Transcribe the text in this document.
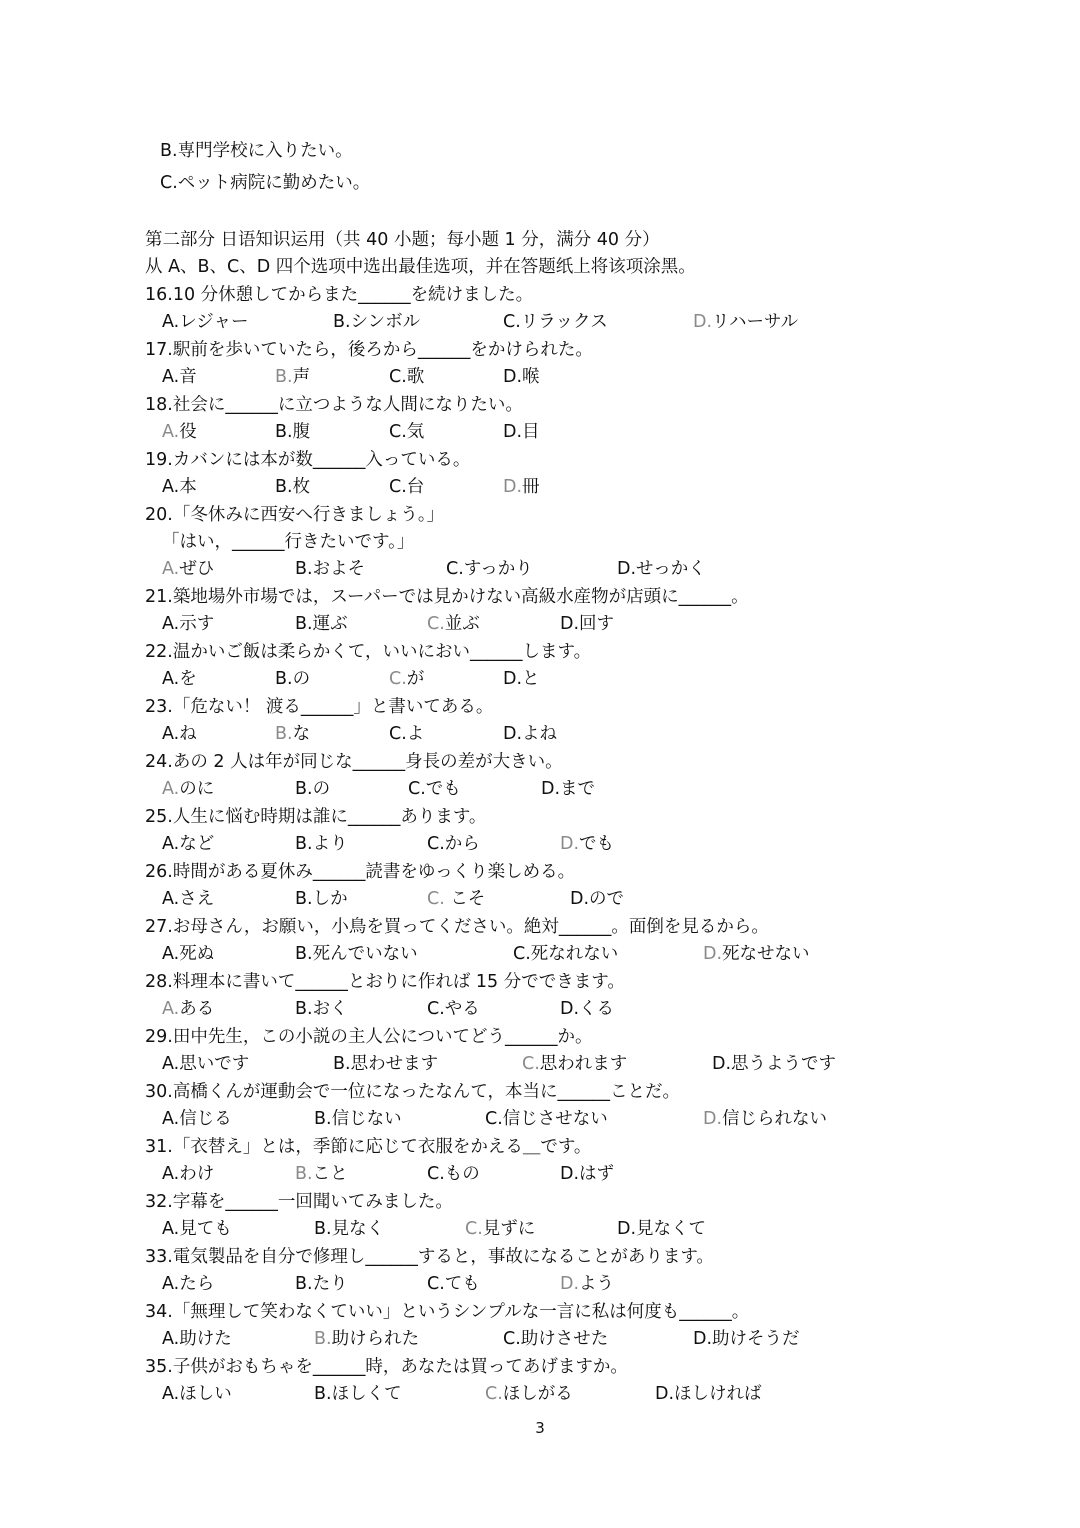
B.専門学校に入りたい。
C.ペット病院に勤めたい。
第二部分 日语知识运用（共 40 小题；每小题 1 分，满分 40 分）
从 A、B、C、D 四个选项中选出最佳选项，并在答题纸上将该项涂黑。
16.10 分休憩してからまた______を続けました。
A.レジャー	B.シンボル	C.リラックス	D.リハーサル
17.駅前を歩いていたら，後ろから______をかけられた。
A.音	B.声	C.歌	D.喉
18.社会に______に立つような人間になりたい。
A.役	B.腹	C.気	D.目
19.カバンには本が数______入っている。
A.本	B.枚	C.台	D.冊
20.「冬休みに西安へ行きましょう。」
「はい，______行きたいです。」
A.ぜひ	B.およそ	C.すっかり	D.せっかく
21.築地場外市場では，スーパーでは見かけない高級水産物が店頭に______。
A.示す	B.運ぶ	C.並ぶ	D.回す
22.温かいご飯は柔らかくて，いいにおい______します。
A.を	B.の	C.が	D.と
23.「危ない！ 渡る______」と書いてある。
A.ね	B.な	C.よ	D.よね
24.あの 2 人は年が同じな______身長の差が大きい。
A.のに	B.の	C.でも	D.まで
25.人生に悩む時期は誰に______あります。
A.など	B.より	C.から	D.でも
26.時間がある夏休み______読書をゆっくり楽しめる。
A.さえ	B.しか	C. こそ	D.ので
27.お母さん，お願い，小鳥を買ってください。絶対______。面倒を見るから。
A.死ぬ	B.死んでいない	C.死なれない	D.死なせない
28.料理本に書いて______とおりに作れば 15 分でできます。
A.ある	B.おく	C.やる	D.くる
29.田中先生，この小説の主人公についてどう______か。
A.思いです	B.思わせます	C.思われます	D.思うようです
30.高橋くんが運動会で一位になったなんて，本当に______ことだ。
A.信じる	B.信じない	C.信じさせない	D.信じられない
31.「衣替え」とは，季節に応じて衣服をかえる＿です。
A.わけ	B.こと	C.もの	D.はず
32.字幕を______一回聞いてみました。
A.見ても	B.見なく	C.見ずに	D.見なくて
33.電気製品を自分で修理し______すると，事故になることがあります。
A.たら	B.たり	C.ても	D.よう
34.「無理して笑わなくていい」というシンプルな一言に私は何度も______。
A.助けた	B.助けられた	C.助けさせた	D.助けそうだ
35.子供がおもちゃを______時，あなたは買ってあげますか。
A.ほしい	B.ほしくて	C.ほしがる	D.ほしければ
3
